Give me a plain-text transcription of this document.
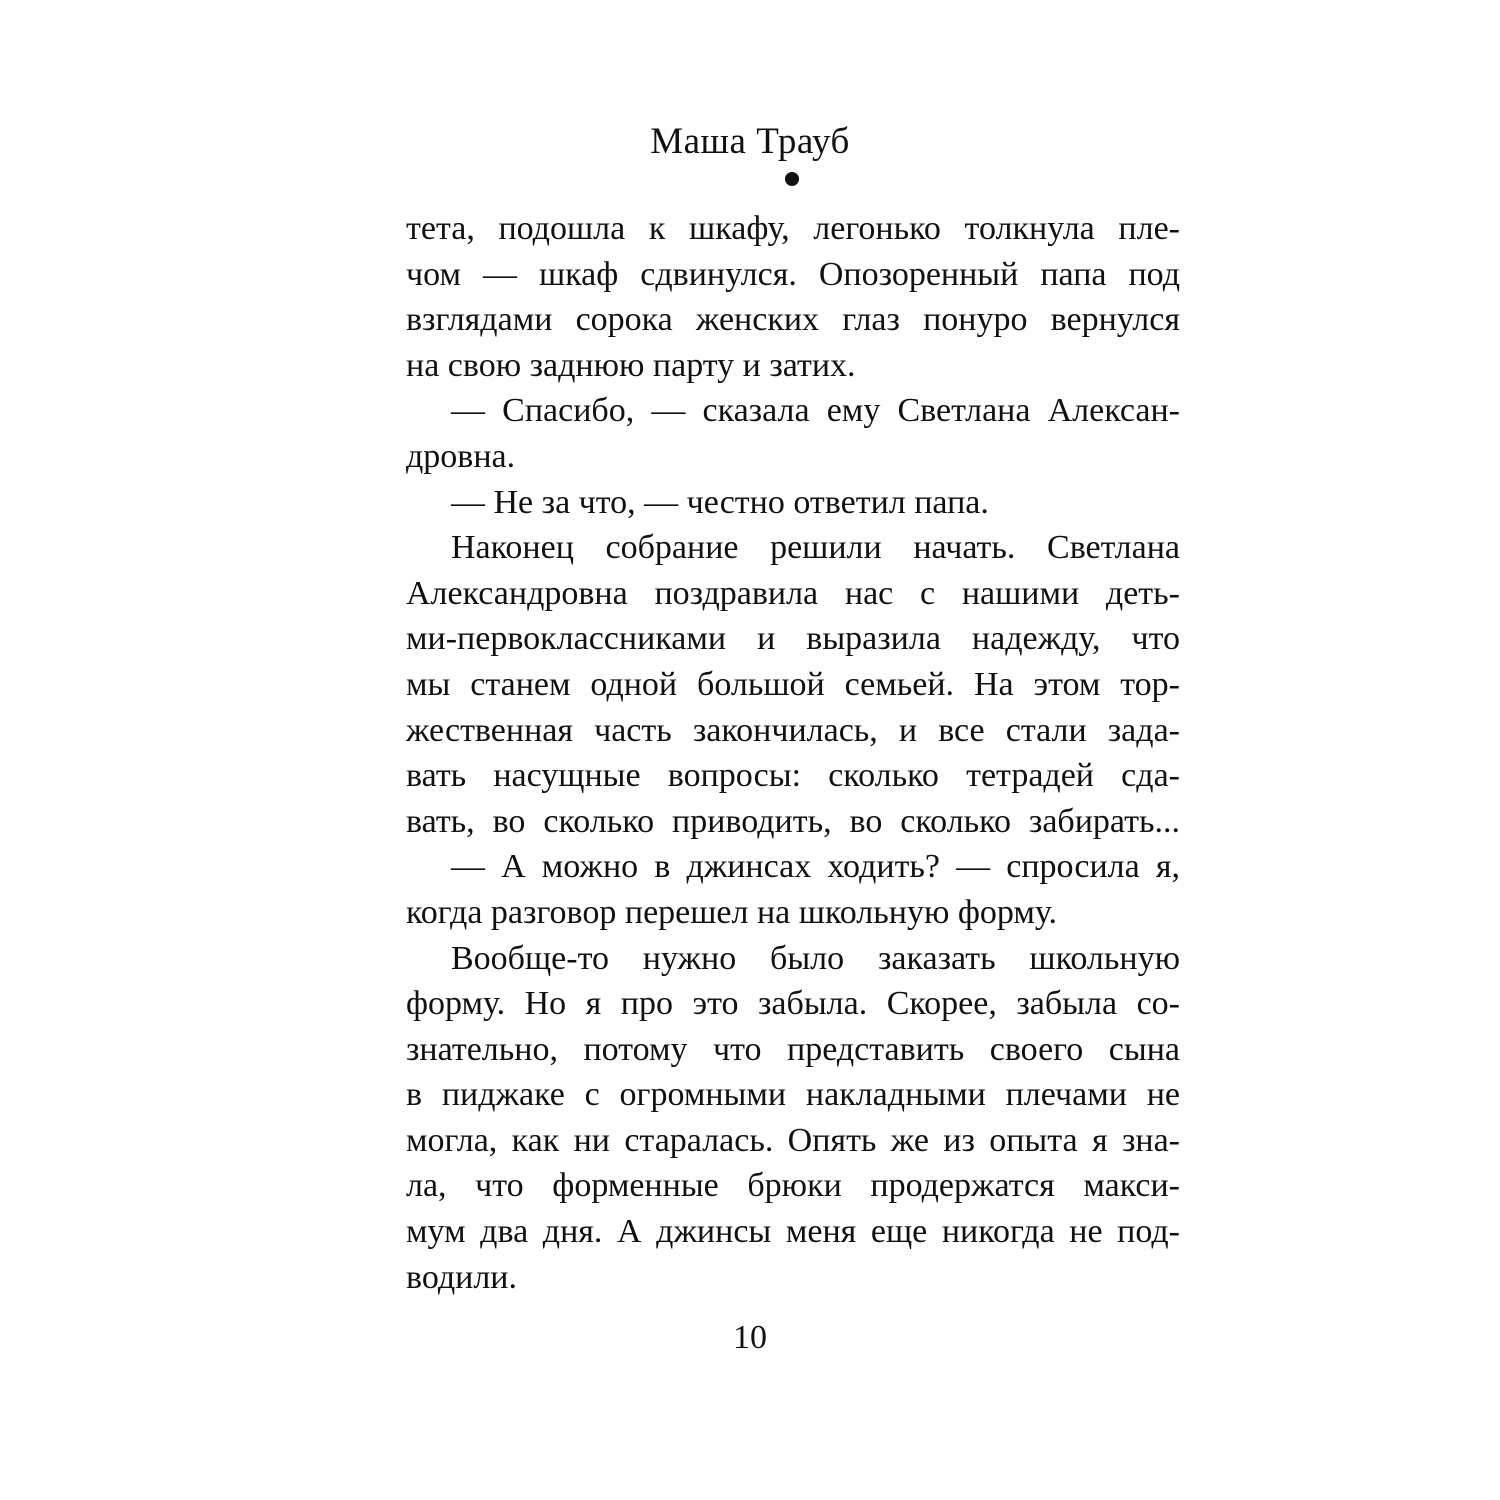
Маша Трауб
тета, подошла к шкафу, легонько толкнула пле-
чом — шкаф сдвинулся. Опозоренный папа под
взглядами сорока женских глаз понуро вернулся
на свою заднюю парту и затих.
— Спасибо, — сказала ему Светлана Алексан-
дровна.
— Не за что, — честно ответил папа.
Наконец собрание решили начать. Светлана
Александровна поздравила нас с нашими деть-
ми-первоклассниками и выразила надежду, что
мы станем одной большой семьей. На этом тор-
жественная часть закончилась, и все стали зада-
вать насущные вопросы: сколько тетрадей сда-
вать, во сколько приводить, во сколько забирать...
— А можно в джинсах ходить? — спросила я,
когда разговор перешел на школьную форму.
Вообще-то нужно было заказать школьную
форму. Но я про это забыла. Скорее, забыла со-
знательно, потому что представить своего сына
в пиджаке с огромными накладными плечами не
могла, как ни старалась. Опять же из опыта я зна-
ла, что форменные брюки продержатся макси-
мум два дня. А джинсы меня еще никогда не под-
водили.
10
